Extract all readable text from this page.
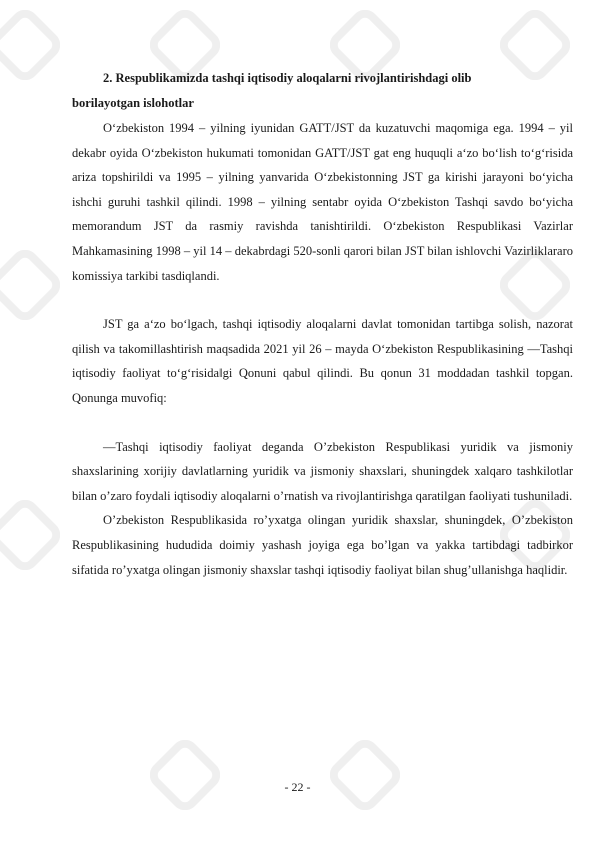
2. Respublikamizda tashqi iqtisodiy aloqalarni rivojlantirishdagi olib

borilayotgan islohotlar

O‘zbekiston 1994 – yilning iyunidan GATT/JST da kuzatuvchi maqomiga ega. 1994 – yil dekabr oyida O‘zbekiston hukumati tomonidan GATT/JST gat eng huquqli a‘zo bo‘lish to‘g‘risida ariza topshirildi va 1995 – yilning yanvarida O‘zbekistonning JST ga kirishi jarayoni bo‘yicha ishchi guruhi tashkil qilindi. 1998 – yilning sentabr oyida O‘zbekiston Tashqi savdo bo‘yicha memorandum JST da rasmiy ravishda tanishtirildi. O‘zbekiston Respublikasi Vazirlar Mahkamasining 1998 – yil 14 – dekabrdagi 520-sonli qarori bilan JST bilan ishlovchi Vazirliklararo komissiya tarkibi tasdiqlandi.

JST ga a‘zo bo‘lgach, tashqi iqtisodiy aloqalarni davlat tomonidan tartibga solish, nazorat qilish va takomillashtirish maqsadida 2021 yil 26 – mayda O‘zbekiston Respublikasining ―Tashqi iqtisodiy faoliyat to‘g‘risida‖gi Qonuni qabul qilindi. Bu qonun 31 moddadan tashkil topgan. Qonunga muvofiq:

―Tashqi iqtisodiy faoliyat deganda O’zbekiston Respublikasi yuridik va jismoniy shaxslarining xorijiy davlatlarning yuridik va jismoniy shaxslari, shuningdek xalqaro tashkilotlar bilan o’zaro foydali iqtisodiy aloqalarni o’rnatish va rivojlantirishga qaratilgan faoliyati tushuniladi.

O’zbekiston Respublikasida ro’yxatga olingan yuridik shaxslar, shuningdek, O’zbekiston Respublikasining hududida doimiy yashash joyiga ega bo’lgan va yakka tartibdagi tadbirkor sifatida ro’yxatga olingan jismoniy shaxslar tashqi iqtisodiy faoliyat bilan shug’ullanishga haqlidir.

- 22 -
